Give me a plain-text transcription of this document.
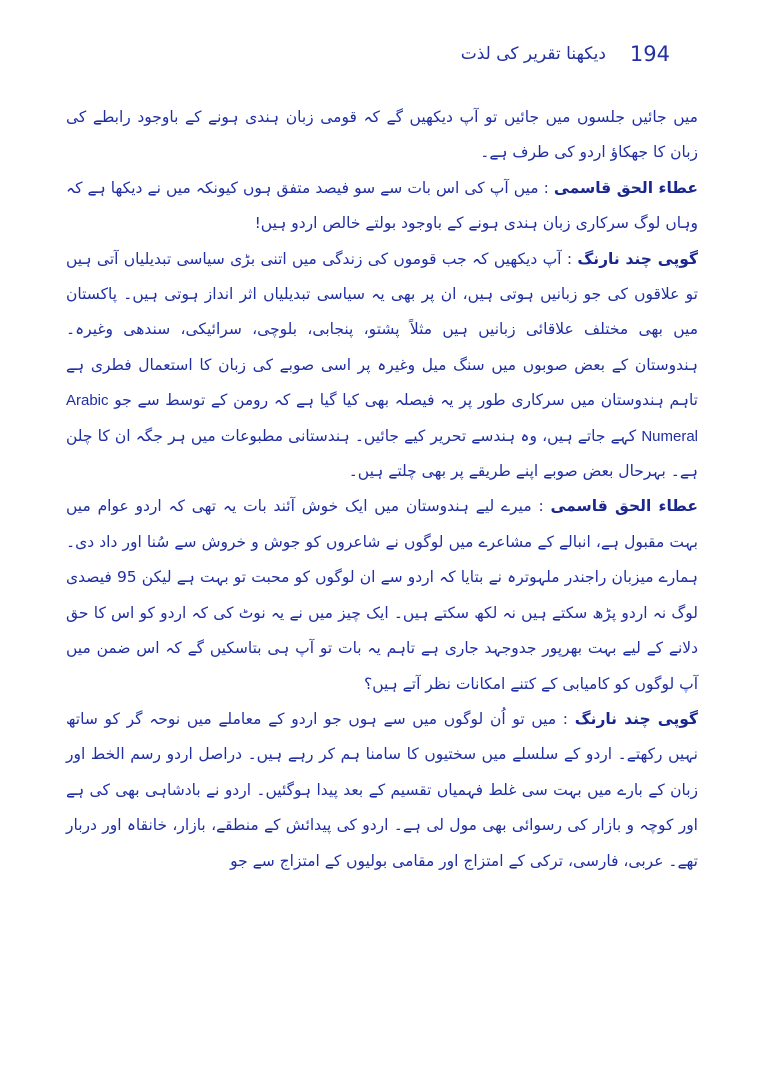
194
دیکھنا تقریر کی لذت

میں جائیں جلسوں میں جائیں تو آپ دیکھیں گے کہ قومی زبان ہندی ہونے کے باوجود رابطے کی زبان کا جھکاؤ اردو کی طرف ہے۔

عطاء الحق قاسمی : میں آپ کی اس بات سے سو فیصد متفق ہوں کیونکہ میں نے دیکھا ہے کہ وہاں لوگ سرکاری زبان ہندی ہونے کے باوجود بولتے خالص اردو ہیں!

گوپی چند نارنگ : آپ دیکھیں کہ جب قوموں کی زندگی میں اتنی بڑی سیاسی تبدیلیاں آتی ہیں تو علاقوں کی جو زبانیں ہوتی ہیں، ان پر بھی یہ سیاسی تبدیلیاں اثر انداز ہوتی ہیں۔ پاکستان میں بھی مختلف علاقائی زبانیں ہیں مثلاً پشتو، پنجابی، بلوچی، سرائیکی، سندھی وغیرہ۔ ہندوستان کے بعض صوبوں میں سنگ میل وغیرہ پر اسی صوبے کی زبان کا استعمال فطری ہے تاہم ہندوستان میں سرکاری طور پر یہ فیصلہ بھی کیا گیا ہے کہ رومن کے توسط سے جو Arabic Numeral کہے جاتے ہیں، وہ ہندسے تحریر کیے جائیں۔ ہندستانی مطبوعات میں ہر جگہ ان کا چلن ہے۔ بہرحال بعض صوبے اپنے طریقے پر بھی چلتے ہیں۔

عطاء الحق قاسمی : میرے لیے ہندوستان میں ایک خوش آئند بات یہ تھی کہ اردو عوام میں بہت مقبول ہے، انبالے کے مشاعرے میں لوگوں نے شاعروں کو جوش و خروش سے سُنا اور داد دی۔ ہمارے میزبان راجندر ملہوترہ نے بتایا کہ اردو سے ان لوگوں کو محبت تو بہت ہے لیکن 95 فیصدی لوگ نہ اردو پڑھ سکتے ہیں نہ لکھ سکتے ہیں۔ ایک چیز میں نے یہ نوٹ کی کہ اردو کو اس کا حق دلانے کے لیے بہت بھرپور جدوجہد جاری ہے تاہم یہ بات تو آپ ہی بتاسکیں گے کہ اس ضمن میں آپ لوگوں کو کامیابی کے کتنے امکانات نظر آتے ہیں؟

گوپی چند نارنگ : میں تو اُن لوگوں میں سے ہوں جو اردو کے معاملے میں نوحہ گر کو ساتھ نہیں رکھتے۔ اردو کے سلسلے میں سختیوں کا سامنا ہم کر رہے ہیں۔ دراصل اردو رسم الخط اور زبان کے بارے میں بہت سی غلط فہمیاں تقسیم کے بعد پیدا ہوگئیں۔ اردو نے بادشاہی بھی کی ہے اور کوچہ و بازار کی رسوائی بھی مول لی ہے۔ اردو کی پیدائش کے منطقے، بازار، خانقاہ اور دربار تھے۔ عربی، فارسی، ترکی کے امتزاج اور مقامی بولیوں کے امتزاج سے جو
